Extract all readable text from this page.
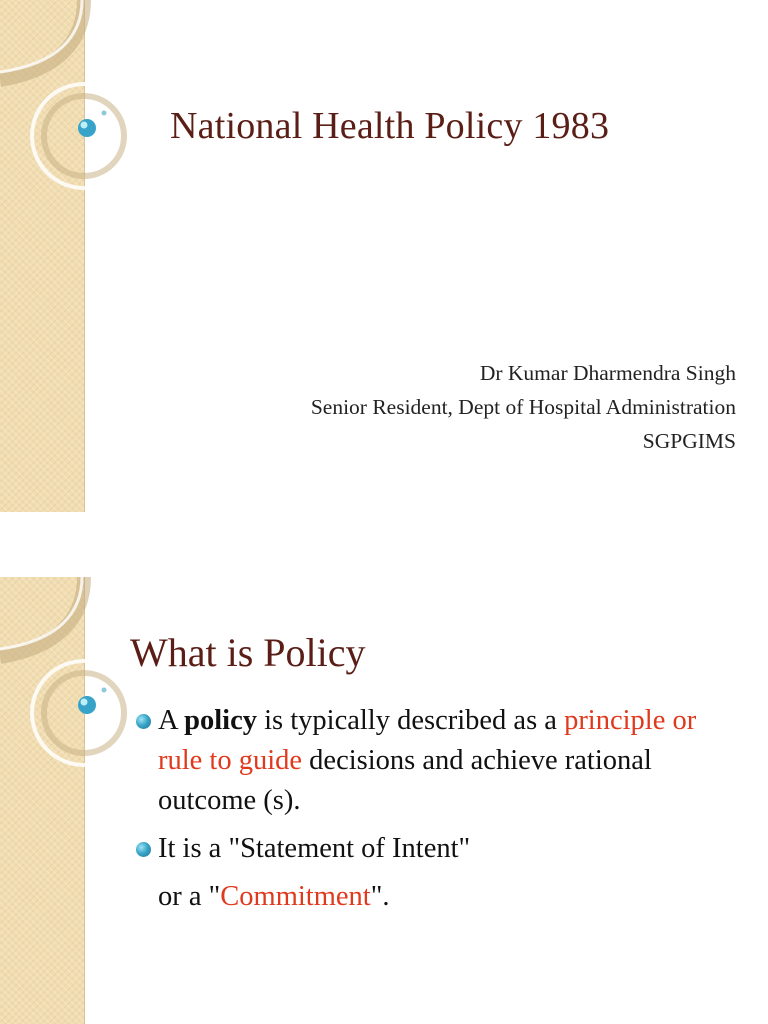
National Health Policy 1983
Dr Kumar Dharmendra Singh
Senior Resident, Dept of Hospital Administration
SGPGIMS
What is Policy
A policy is typically described as a principle or rule to guide decisions and achieve rational outcome (s).
It is a "Statement of Intent"
or a "Commitment".
